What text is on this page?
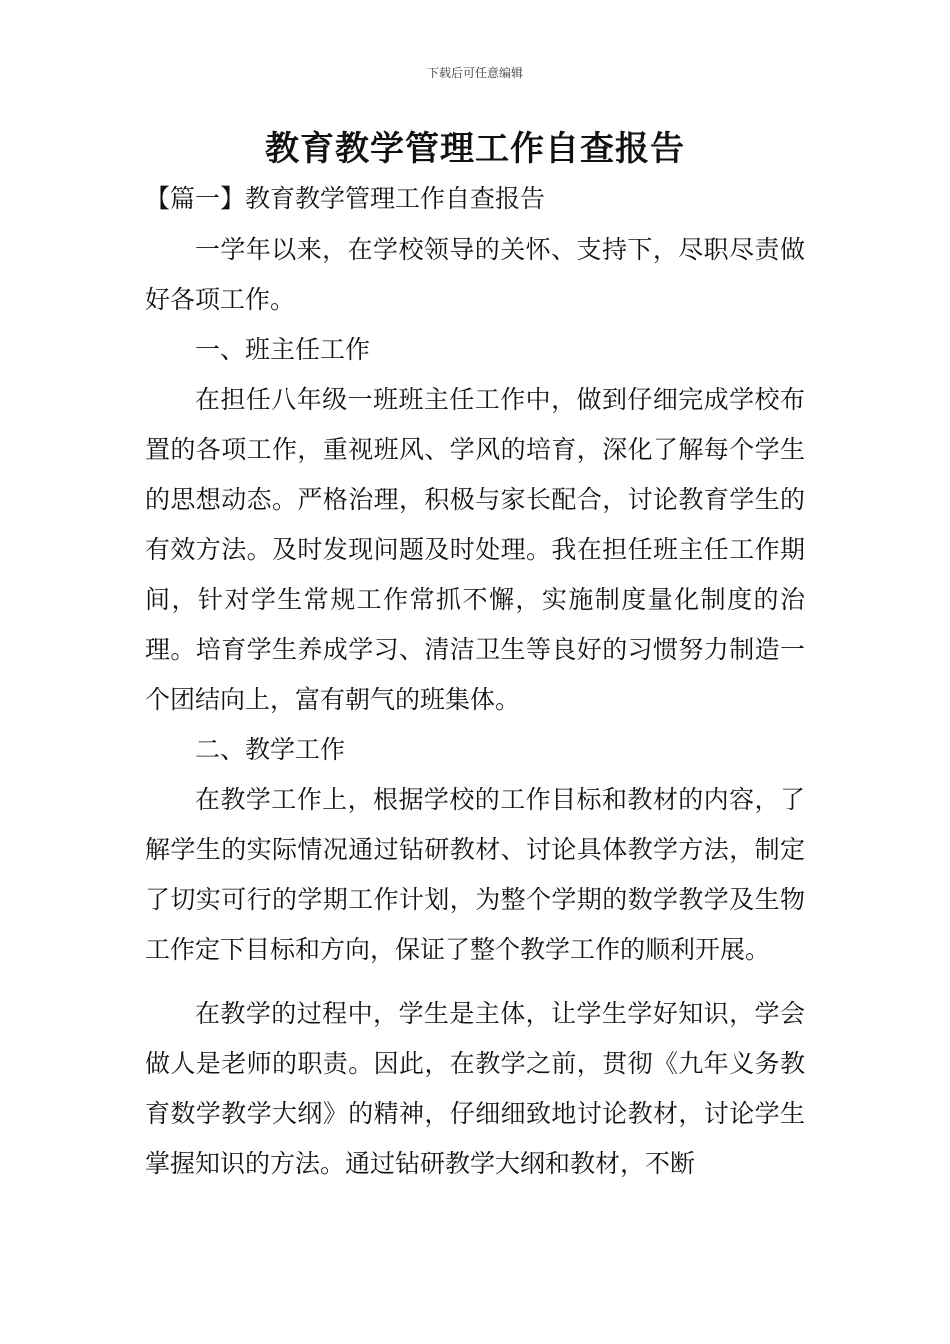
下载后可任意编辑
教育教学管理工作自查报告
【篇一】教育教学管理工作自查报告

一学年以来，在学校领导的关怀、支持下，尽职尽责做好各项工作。

一、班主任工作

在担任八年级一班班主任工作中，做到仔细完成学校布置的各项工作，重视班风、学风的培育，深化了解每个学生的思想动态。严格治理，积极与家长配合，讨论教育学生的有效方法。及时发现问题及时处理。我在担任班主任工作期间，针对学生常规工作常抓不懈，实施制度量化制度的治理。培育学生养成学习、清洁卫生等良好的习惯努力制造一个团结向上，富有朝气的班集体。

二、教学工作

在教学工作上，根据学校的工作目标和教材的内容，了解学生的实际情况通过钻研教材、讨论具体教学方法，制定了切实可行的学期工作计划，为整个学期的数学教学及生物工作定下目标和方向，保证了整个教学工作的顺利开展。

在教学的过程中，学生是主体，让学生学好知识，学会做人是老师的职责。因此，在教学之前，贯彻《九年义务教育数学教学大纲》的精神，仔细细致地讨论教材，讨论学生掌握知识的方法。通过钻研教学大纲和教材，不断
